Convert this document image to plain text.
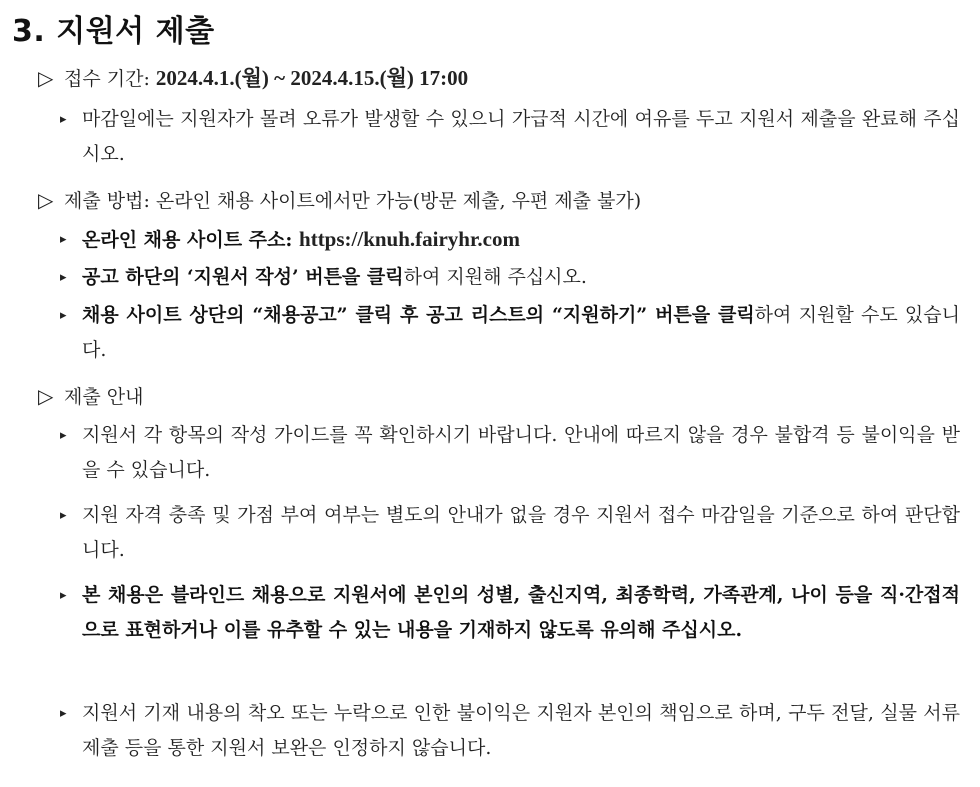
3. 지원서 제출
▷ 접수 기간: 2024.4.1.(월) ~ 2024.4.15.(월) 17:00
▸ 마감일에는 지원자가 몰려 오류가 발생할 수 있으니 가급적 시간에 여유를 두고 지원서 제출을 완료해 주십시오.
▷ 제출 방법: 온라인 채용 사이트에서만 가능(방문 제출, 우편 제출 불가)
▸ 온라인 채용 사이트 주소: https://knuh.fairyhr.com
▸ 공고 하단의 ‘지원서 작성’ 버튼을 클릭하여 지원해 주십시오.
▸ 채용 사이트 상단의 “채용공고” 클릭 후 공고 리스트의 “지원하기” 버튼을 클릭하여 지원할 수도 있습니다.
▷ 제출 안내
▸ 지원서 각 항목의 작성 가이드를 꼭 확인하시기 바랍니다. 안내에 따르지 않을 경우 불합격 등 불이익을 받을 수 있습니다.
▸ 지원 자격 충족 및 가점 부여 여부는 별도의 안내가 없을 경우 지원서 접수 마감일을 기준으로 하여 판단합니다.
▸ 본 채용은 블라인드 채용으로 지원서에 본인의 성별, 출신지역, 최종학력, 가족관계, 나이 등을 직·간접적으로 표현하거나 이를 유추할 수 있는 내용을 기재하지 않도록 유의해 주십시오.
▸ 지원서 기재 내용의 착오 또는 누락으로 인한 불이익은 지원자 본인의 책임으로 하며, 구두 전달, 실물 서류 제출 등을 통한 지원서 보완은 인정하지 않습니다.
